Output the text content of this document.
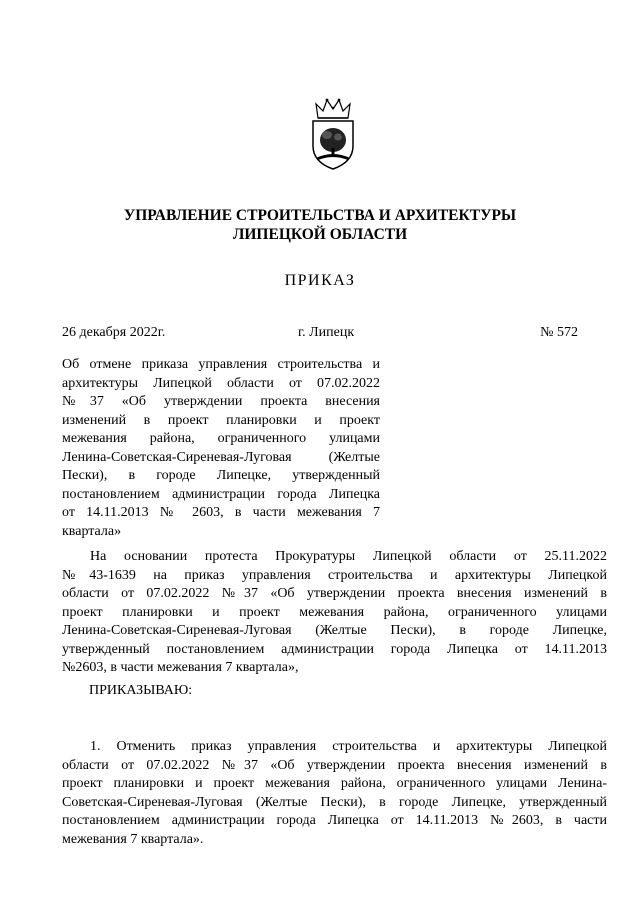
УПРАВЛЕНИЕ СТРОИТЕЛЬСТВА И АРХИТЕКТУРЫ
ЛИПЕЦКОЙ ОБЛАСТИ
ПРИКАЗ
26 декабря 2022г.	г. Липецк	№ 572
Об отмене приказа управления строительства и
архитектуры Липецкой области от 07.02.2022
№37 «Об утверждении проекта внесения
изменений в проект планировки и проект
межевания района, ограниченного улицами
Ленина-Советская-Сиреневая-Луговая (Желтые
Пески), в городе Липецке, утвержденный
постановлением администрации города Липецка
от 14.11.2013 № 2603, в части межевания 7
квартала»
На основании протеста Прокуратуры Липецкой области от 25.11.2022
№43-1639 на приказ управления строительства и архитектуры Липецкой
области от 07.02.2022 №37 «Об утверждении проекта внесения изменений в
проект планировки и проект межевания района, ограниченного улицами
Ленина-Советская-Сиреневая-Луговая (Желтые Пески), в городе Липецке,
утвержденный постановлением администрации города Липецка от 14.11.2013
№2603, в части межевания 7 квартала»,
ПРИКАЗЫВАЮ:
1. Отменить приказ управления строительства и архитектуры Липецкой
области от 07.02.2022 №37 «Об утверждении проекта внесения изменений в
проект планировки и проект межевания района, ограниченного улицами Ленина-
Советская-Сиреневая-Луговая (Желтые Пески), в городе Липецке, утвержденный
постановлением администрации города Липецка от 14.11.2013 №2603, в части
межевания 7 квартала».
